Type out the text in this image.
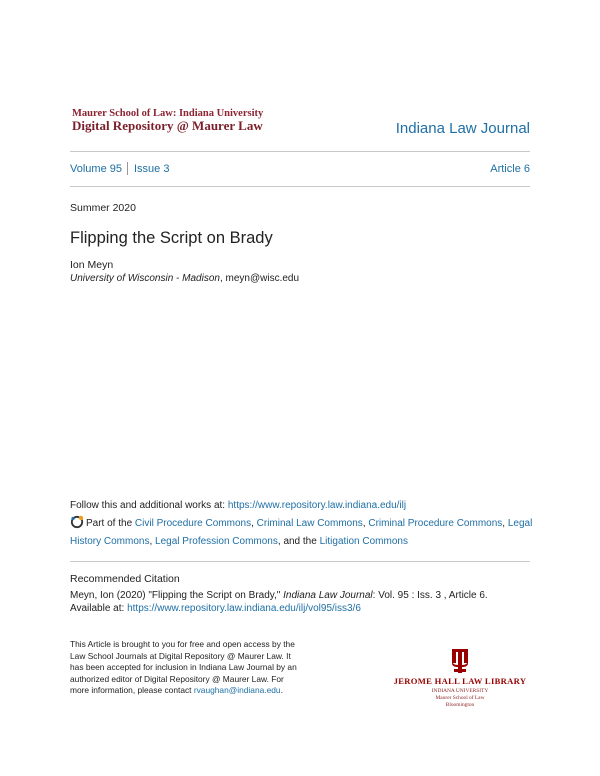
Maurer School of Law: Indiana University
Digital Repository @ Maurer Law	Indiana Law Journal
Volume 95 Issue 3	Article 6
Summer 2020
Flipping the Script on Brady
Ion Meyn
University of Wisconsin - Madison, meyn@wisc.edu
Follow this and additional works at: https://www.repository.law.indiana.edu/ilj
Part of the Civil Procedure Commons, Criminal Law Commons, Criminal Procedure Commons, Legal History Commons, Legal Profession Commons, and the Litigation Commons
Recommended Citation
Meyn, Ion (2020) "Flipping the Script on Brady," Indiana Law Journal: Vol. 95 : Iss. 3 , Article 6.
Available at: https://www.repository.law.indiana.edu/ilj/vol95/iss3/6
This Article is brought to you for free and open access by the Law School Journals at Digital Repository @ Maurer Law. It has been accepted for inclusion in Indiana Law Journal by an authorized editor of Digital Repository @ Maurer Law. For more information, please contact rvaughan@indiana.edu.
JEROME HALL LAW LIBRARY
INDIANA UNIVERSITY
Maurer School of Law
Bloomington
